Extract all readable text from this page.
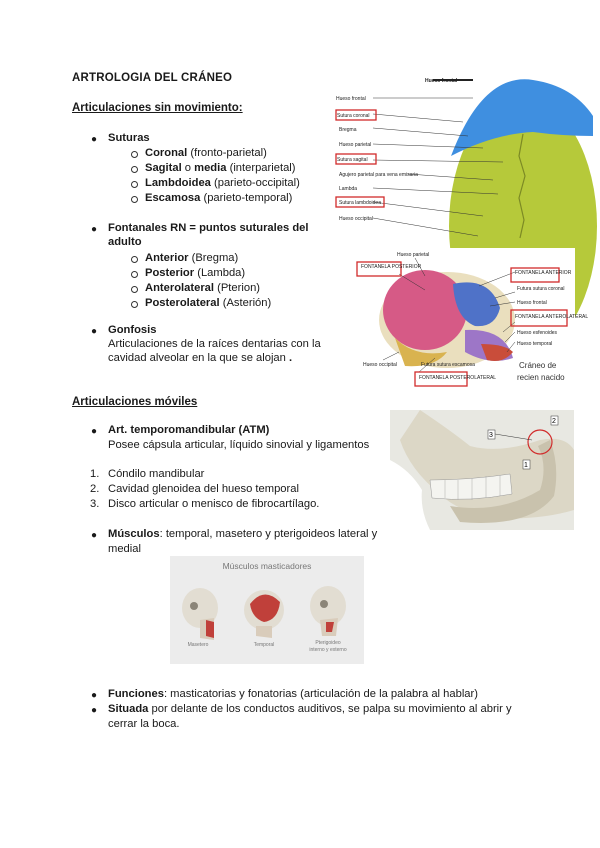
ARTROLOGIA DEL CRÁNEO
Articulaciones sin movimiento:
● Suturas
Coronal (fronto-parietal)
Sagital o media (interparietal)
Lambdoidea (parieto-occipital)
Escamosa (parieto-temporal)
● Fontanales RN = puntos suturales del
adulto
Anterior (Bregma)
Posterior (Lambda)
Anterolateral (Pterion)
Posterolateral (Asterión)
● Gonfosis
Articulaciones de la raíces dentarias con la
cavidad alveolar en la que se alojan .
Articulaciones móviles
● Art. temporomandibular (ATM)
Posee cápsula articular, líquido sinovial y ligamentos
1. Cóndilo mandibular
2. Cavidad glenoidea del hueso temporal
3. Disco articular o menisco de fibrocartílago.
● Músculos: temporal, masetero y pterigoideos lateral y
medial
● Funciones: masticatorias y fonatorias (articulación de la palabra al hablar)
● Situada por delante de los conductos auditivos, se palpa su movimiento al abrir y
cerrar la boca.
Hueso frontal
Sutura coronal
Bregma
Hueso parietal
Sutura sagital
Agujero parietal para vena emisaria
Lambda
Sutura lambdoidea
Hueso occipital
Hueso frontal
Hueso parietal
FONTANELA POSTERIOR
FONTANELA ANTERIOR
Futura sutura coronal
Hueso frontal
FONTANELA ANTEROLATERAL
Hueso esfenoides
Hueso temporal
Hueso occipital	Futura sutura escamosa
FONTANELA POSTEROLATERAL
Cráneo de
recien nacido
3
2
1
Músculos masticadores
Masetero	Temporal	Pterigoideo
interno y externo
